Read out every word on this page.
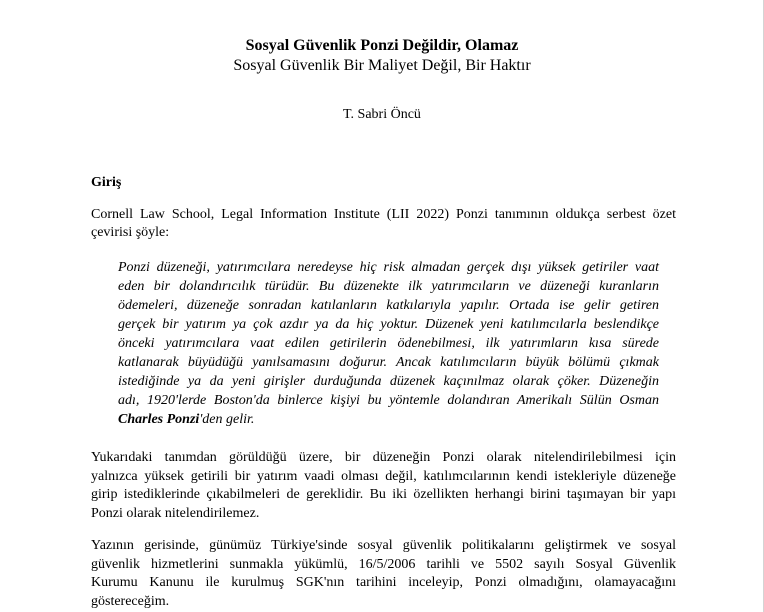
Sosyal Güvenlik Ponzi Değildir, Olamaz
Sosyal Güvenlik Bir Maliyet Değil, Bir Haktır
T. Sabri Öncü
Giriş
Cornell Law School, Legal Information Institute (LII 2022) Ponzi tanımının oldukça serbest özet
çevirisi şöyle:
Ponzi düzeneği, yatırımcılara neredeyse hiç risk almadan gerçek dışı yüksek getiriler vaat
eden bir dolandırıcılık türüdür. Bu düzenekte ilk yatırımcıların ve düzeneği kuranların
ödemeleri, düzeneğe sonradan katılanların katkılarıyla yapılır. Ortada ise gelir getiren
gerçek bir yatırım ya çok azdır ya da hiç yoktur. Düzenek yeni katılımcılarla beslendikçe
önceki yatırımcılara vaat edilen getirilerin ödenebilmesi, ilk yatırımların kısa sürede
katlanarak büyüdüğü yanılsamasını doğurur. Ancak katılımcıların büyük bölümü çıkmak
istediğinde ya da yeni girişler durduğunda düzenek kaçınılmaz olarak çöker. Düzeneğin
adı, 1920'lerde Boston'da binlerce kişiyi bu yöntemle dolandıran Amerikalı Sülün Osman
Charles Ponzi'den gelir.
Yukarıdaki tanımdan görüldüğü üzere, bir düzeneğin Ponzi olarak nitelendirilebilmesi için
yalnızca yüksek getirili bir yatırım vaadi olması değil, katılımcılarının kendi istekleriyle düzeneğe
girip istediklerinde çıkabilmeleri de gereklidir. Bu iki özellikten herhangi birini taşımayan bir yapı
Ponzi olarak nitelendirilemez.
Yazının gerisinde, günümüz Türkiye'sinde sosyal güvenlik politikalarını geliştirmek ve sosyal
güvenlik hizmetlerini sunmakla yükümlü, 16/5/2006 tarihli ve 5502 sayılı Sosyal Güvenlik
Kurumu Kanunu ile kurulmuş SGK'nın tarihini inceleyip, Ponzi olmadığını, olamayacağını
göstereceğim.
